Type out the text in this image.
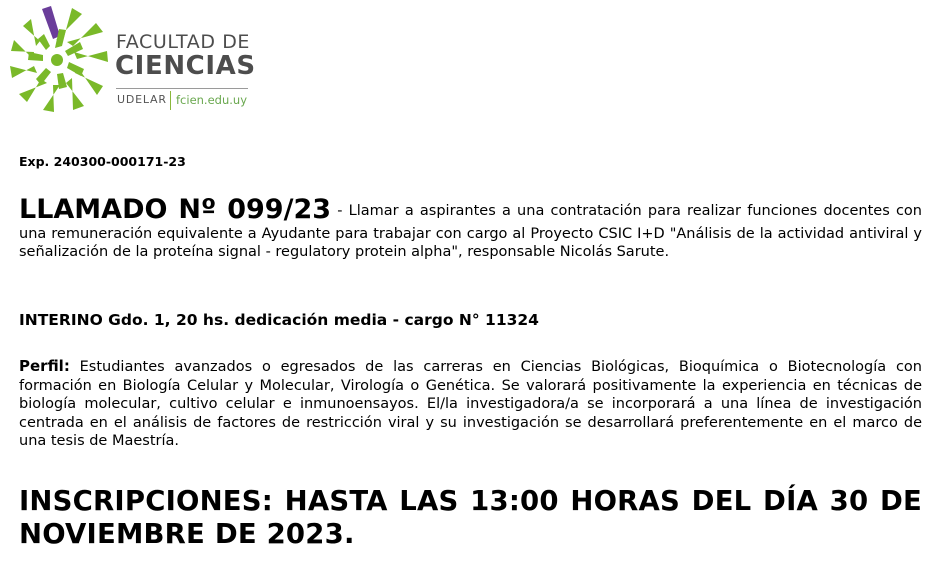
FACULTAD DE
CIENCIAS
UDELAR fcien.edu.uy
Exp. 240300-000171-23
LLAMADO Nº 099/23 - Llamar a aspirantes a una contratación para realizar funciones docentes con una remuneración equivalente a Ayudante para trabajar con cargo al Proyecto CSIC I+D "Análisis de la actividad antiviral y señalización de la proteína signal - regulatory protein alpha", responsable Nicolás Sarute.
INTERINO Gdo. 1, 20 hs. dedicación media - cargo N° 11324
Perfil: Estudiantes avanzados o egresados de las carreras en Ciencias Biológicas, Bioquímica o Biotecnología con formación en Biología Celular y Molecular, Virología o Genética. Se valorará positivamente la experiencia en técnicas de biología molecular, cultivo celular e inmunoensayos. El/la investigadora/a se incorporará a una línea de investigación centrada en el análisis de factores de restricción viral y su investigación se desarrollará preferentemente en el marco de una tesis de Maestría.
INSCRIPCIONES: HASTA LAS 13:00 HORAS DEL DÍA 30 DE NOVIEMBRE DE 2023.
